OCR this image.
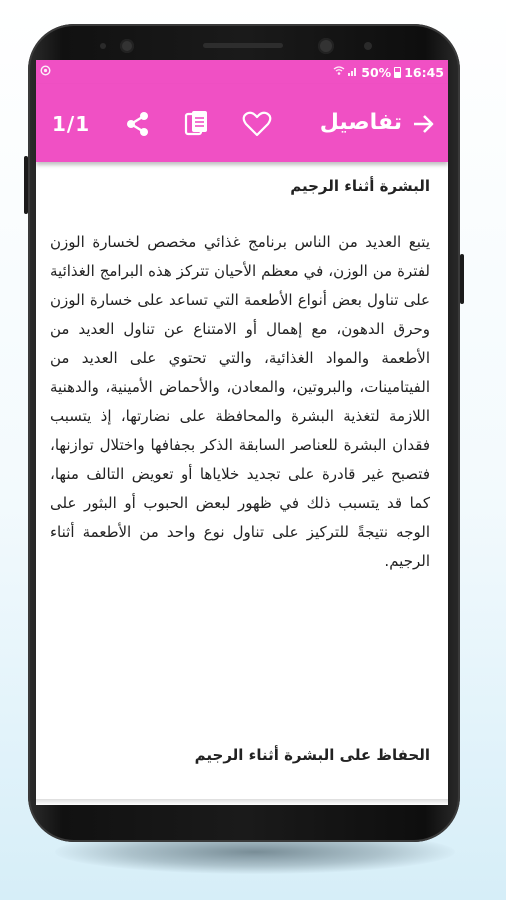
50% 16:45
1/1	تفاصيل

البشرة أثناء الرجيم

يتبع العديد من الناس برنامج غذائي مخصص لخسارة الوزن لفترة من الوزن، في معظم الأحيان تتركز هذه البرامج الغذائية على تناول بعض أنواع الأطعمة التي تساعد على خسارة الوزن وحرق الدهون، مع إهمال أو الامتناع عن تناول العديد من الأطعمة والمواد الغذائية، والتي تحتوي على العديد من الفيتامينات، والبروتين، والمعادن، والأحماض الأمينية، والدهنية اللازمة لتغذية البشرة والمحافظة على نضارتها، إذ يتسبب فقدان البشرة للعناصر السابقة الذكر بجفافها واختلال توازنها، فتصبح غير قادرة على تجديد خلاياها أو تعويض التالف منها، كما قد يتسبب ذلك في ظهور لبعض الحبوب أو البثور على الوجه نتيجةً للتركيز على تناول نوع واحد من الأطعمة أثناء الرجيم.

الحفاظ على البشرة أثناء الرجيم
